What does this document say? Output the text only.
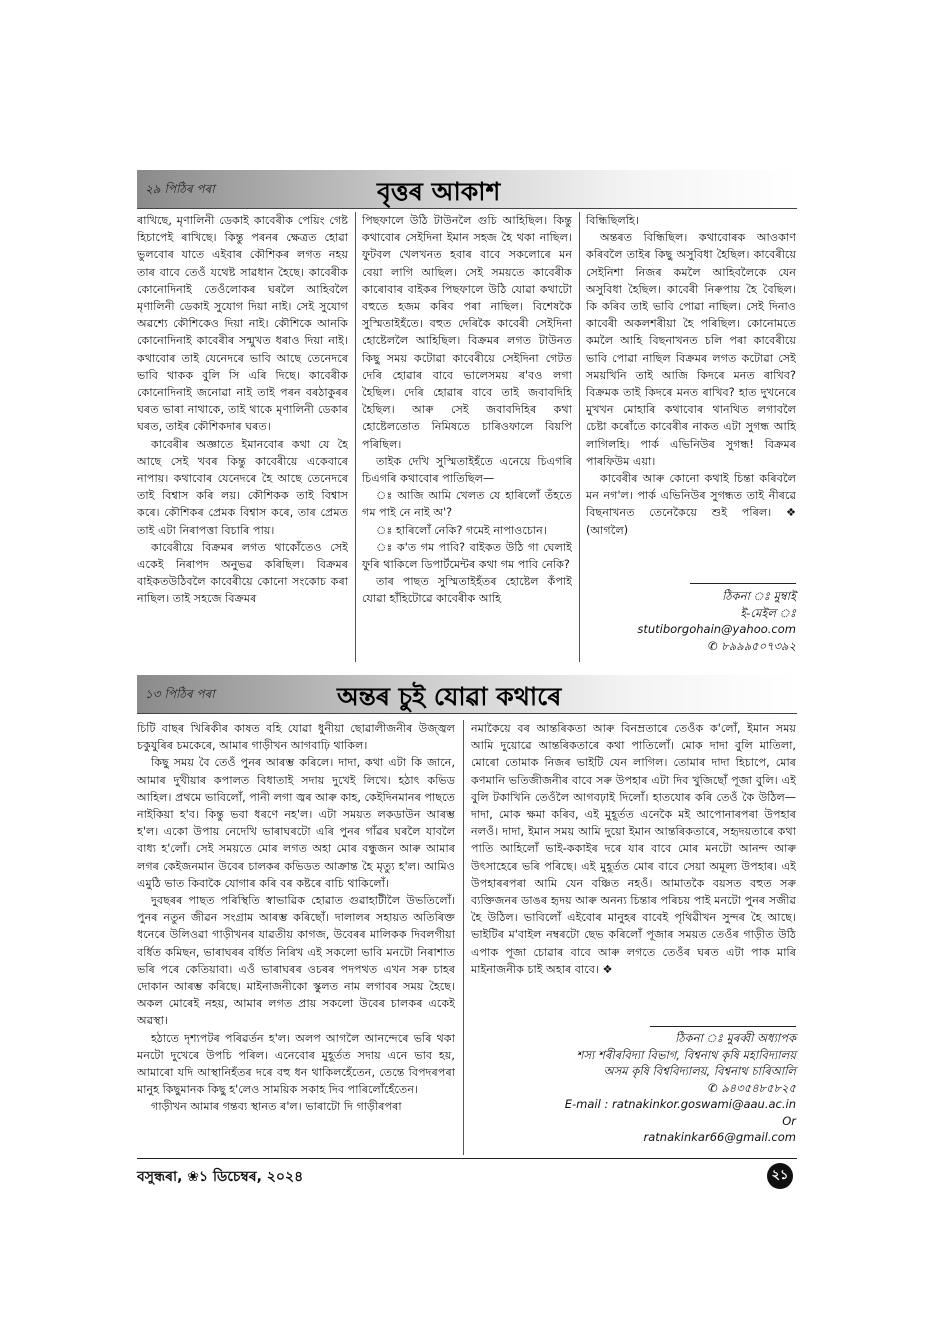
২৯ পিঠিৰ পৰা	বৃত্তৰ আকাশ

ৰাখিছে, মৃণালিনী ডেকাই কাবেৰীক পেয়িং গেষ্ট হিচাপেই ৰাখিছে। কিন্তু পৰনৰ ক্ষেত্ৰত হোৱা ভুলবোৰ যাতে এইবাৰ কৌশিকৰ লগত নহয় তাৰ বাবে তেওঁ যথেষ্ট সাৱধান হৈছে। কাবেৰীক কোনোদিনাই তেওঁলোকৰ ঘৰলৈ আহিবলৈ মৃণালিনী ডেকাই সুযোগ দিয়া নাই। সেই সুযোগ অৱশ্যে কৌশিকেও দিয়া নাই। কৌশিকে আনকি কোনোদিনাই কাবেৰীৰ সন্মুখত ধৰাও দিয়া নাই। কথাবোৰ তাই যেনেদৰে ভাবি আছে তেনেদৰে ভাবি থাকক বুলি সি এৰি দিছে। কাবেৰীক কোনোদিনাই জনোৱা নাই তাই পৰন বৰঠাকুৰৰ ঘৰত ভাৰা নাথাকে, তাই থাকে মৃণালিনী ডেকাৰ ঘৰত, তাইৰ কৌশিকদাৰ ঘৰত।

কাবেৰীৰ অজ্ঞাতে ইমানবোৰ কথা যে হৈ আছে সেই খবৰ কিন্তু কাবেৰীয়ে একেবাৰে নাপায়। কথাবোৰ যেনেদৰে হৈ আছে তেনেদৰে তাই বিশ্বাস কৰি লয়। কৌশিকক তাই বিশ্বাস কৰে। কৌশিকৰ প্ৰেমক বিশ্বাস কৰে, তাৰ প্ৰেমত তাই এটা নিৰাপত্তা বিচাৰি পায়।

কাবেৰীয়ে বিক্ৰমৰ লগত থাকোঁতেও সেই একেই নিৰাপদ অনুভৱ কৰিছিল। বিক্ৰমৰ বাইকতউঠিবলৈ কাবেৰীয়ে কোনো সংকোচ কৰা নাছিল। তাই সহজে বিক্ৰমৰ

পিছফালে উঠি টাউনলৈ গুচি আহিছিল। কিন্তু কথাবোৰ সেইদিনা ইমান সহজ হৈ থকা নাছিল। ফুটবল খেলখনত হবাৰ বাবে সকলোৰে মন বেয়া লাগি আছিল। সেই সময়তে কাবেৰীক কাৰোবাৰ বাইকৰ পিছফালে উঠি যোৱা কথাটো বহুতে হজম কৰিব পৰা নাছিল। বিশেষকৈ সুস্মিতাইহঁতে। বহুত দেৰিকৈ কাবেৰী সেইদিনা হোষ্টেললৈ আহিছিল। বিক্ৰমৰ লগত টাউনত কিছু সময় কটোৱা কাবেৰীয়ে সেইদিনা গেটত দেৰি হোৱাৰ বাবে ভালেসময় ৰ'বও লগা হৈছিল। দেৰি হোৱাৰ বাবে তাই জবাবদিহি হৈছিল। আৰু সেই জবাবদিহিৰ কথা হোষ্টেলতোত নিমিষতে চাৰিওফালে বিয়পি পৰিছিল।

তাইক দেখি সুস্মিতাইহঁতে এনেয়ে চিএগৰি চিএগৰি কথাবোৰ পাতিছিল—

ঃ আজি আমি খেলত যে হাৰিলোঁ তঁহতে গম পাই নে নাই অ'?

ঃ হাৰিলোঁ নেকি? গমেই নাপাওচোন।

ঃ ক'ত গম পাবি? বাইকত উঠি গা ঘেলাই ফুৰি থাকিলে ডিপাৰ্টমেন্টৰ কথা গম পাবি নেকি?

তাৰ পাছত সুস্মিতাইহঁতৰ হোষ্টেল কঁপাই যোৱা হাঁহিটোৱে কাবেৰীক আহি

বিন্ধিছিলহি।

অন্তৰত বিন্ধিছিল। কথাবোৰক আওকাণ কৰিবলৈ তাইৰ কিছু অসুবিধা হৈছিল। কাবেৰীয়ে সেইনিশা নিজৰ কমলৈ আহিবলৈকে যেন অসুবিধা হৈছিল। কাবেৰী নিৰুপায় হৈ বৈছিল। কি কৰিব তাই ভাবি পোৱা নাছিল। সেই দিনাও কাবেৰী অকলশৰীয়া হৈ পৰিছিল। কোনোমতে কমলৈ আহি বিছনাখনত চলি পৰা কাবেৰীয়ে ভাবি পোৱা নাছিল বিক্ৰমৰ লগত কটোৱা সেই সময়খিনি তাই আজি কিদৰে মনত ৰাখিব? বিক্ৰমক তাই কিদৰে মনত ৰাখিব? হাত দুখনেৰে মুখখন মোহাৰি কথাবোৰ থানথিত লগাবলৈ চেষ্টা কৰোঁতে কাবেৰীৰ নাকত এটা সুগন্ধ আহি লাগিলহি। পাৰ্ক এভিনিউৰ সুগন্ধ! বিক্ৰমৰ পাৰফিউম এয়া।

কাবেৰীৰ আৰু কোনো কথাই চিন্তা কৰিবলৈ মন নগ'ল। পাৰ্ক এভিনিউৰ সুগন্ধত তাই নীৰৱে বিছনাখনত তেনেকৈয়ে শুই পৰিল। ❖ (আগলৈ)

ঠিকনা ঃ মুম্বাই
ই-মেইল ঃ
stutiborgohain@yahoo.com
✆ ৮৯৯৯৫০৭৩৯২
১৩ পিঠিৰ পৰা	অন্তৰ চুই যোৱা কথাৰে

চিটি বাছৰ খিৰিকীৰ কাষত বহি যোৱা ধুনীয়া ছোৱালীজনীৰ উজ্জ্বল চকুযুৰিৰ চমকেৰে, আমাৰ গাড়ীখন আগবাঢ়ি থাকিল।

কিছু সময় বৈ তেওঁ পুনৰ আৰম্ভ কৰিলে। দাদা, কথা এটা কি জানে, আমাৰ দুখীয়াৰ কপালত বিধাতাই সদায় দুখেই লিখে। হঠাৎ কভিড আহিল। প্ৰথমে ভাবিলোঁ, পানী লগা জ্বৰ আৰু কাহ, কেইদিনমানৰ পাছতে নাইকিয়া হ'ব। কিন্তু ভবা ধৰণে নহ'ল। এটা সময়ত লকডাউন আৰম্ভ হ'ল। একো উপায় নেদেখি ভাৰাঘৰটো এৰি পুনৰ গাঁৱৰ ঘৰলৈ যাবলৈ বাধ্য হ'লোঁ। সেই সময়তে মোৰ লগত অহা মোৰ বন্ধুজন আৰু আমাৰ লগৰ কেইজনমান উবেৰ চালকৰ কভিডত আক্ৰান্ত হৈ মৃত্যু হ'ল। আমিও এমুঠি ভাত কিবাকৈ যোগাৰ কৰি বৰ কষ্টৰে বাচি থাকিলোঁ।

দুবছৰৰ পাছত পৰিস্থিতি স্বাভাৱিক হোৱাত গুৱাহাটীলৈ উভতিলোঁ। পুনৰ নতুন জীৱন সংগ্ৰাম আৰম্ভ কৰিছোঁ। দালালৰ সহায়ত অতিৰিক্ত ধনেৰে উলিওৱা গাড়ীখনৰ যাৱতীয় কাগজ, উবেৰৰ মালিকক দিবলগীয়া বৰ্ধিত কমিছন, ভাৰাঘৰৰ বৰ্ধিত নিৰিখ এই সকলো ভাবি মনটো নিৰাশাত ভৰি পৰে কেতিয়াবা। এওঁ ভাৰাঘৰৰ ওচৰৰ পদপথত এখন সৰু চাহৰ দোকান আৰম্ভ কৰিছে। মাইনাজনীকো স্কুলত নাম লগাবৰ সময় হৈছে। অকল মোৰেই নহয়, আমাৰ লগত প্ৰায় সকলো উবেৰ চালকৰ একেই অৱস্থা।

হঠাতে দৃশ্যপটৰ পৰিৱৰ্তন হ'ল। অলপ আগলৈ আনন্দেৰে ভৰি থকা মনটো দুখেৰে উপচি পৰিল। এনেবোৰ মুহূৰ্তত সদায় এনে ভাব হয়, আমাৰো যদি আস্থানিহঁতৰ দৰে বহু ধন থাকিলহেঁতেন, তেন্তে বিপদৰপৰা মানুহ কিছুমানক কিছু হ'লেও সাময়িক সকাহ দিব পাৰিলোঁহেঁতেন।

গাড়ীখন আমাৰ গন্তব্য স্থানত ৰ'ল। ভাৰাটো দি গাড়ীৰপৰা

নমাকৈয়ে বৰ আন্তৰিকতা আৰু বিনম্ৰতাৰে তেওঁক ক'লোঁ, ইমান সময় আমি দুয়োৱে আন্তৰিকতাৰে কথা পাতিলোঁ। মোক দাদা বুলি মাতিলা, মোৰো তোমাক নিজৰ ভাইটি যেন লাগিল। তোমাৰ দাদা হিচাপে, মোৰ কণমানি ভতিজীজনীৰ বাবে সৰু উপহাৰ এটা দিব খুজিছোঁ পূজা বুলি। এই বুলি টকাখিনি তেওঁলৈ আগবঢ়াই দিলোঁ। হাতযোৰ কৰি তেওঁ কৈ উঠিল— দাদা, মোক ক্ষমা কৰিব, এই মুহূৰ্তত এনেকৈ মই আপোনাৰপৰা উপহাৰ নলওঁ। দাদা, ইমান সময় আমি দুয়ো ইমান আন্তৰিকতাৰে, সহৃদয়তাৰে কথা পাতি আহিলোঁ ভাই-ককাইৰ দৰে যাৰ বাবে মোৰ মনটো আনন্দ আৰু উৎসাহেৰে ভৰি পৰিছে। এই মুহূৰ্তত মোৰ বাবে সেয়া অমূল্য উপহাৰ। এই উপহাৰৰপৰা আমি যেন বঞ্চিত নহওঁ। আমাতকৈ বয়সত বহুত সৰু ব্যক্তিজনৰ ডাঙৰ হৃদয় আৰু অনন্য চিন্তাৰ পৰিচয় পাই মনটো পুনৰ সজীৱ হৈ উঠিল। ভাবিলোঁ এইবোৰ মানুহৰ বাবেই পৃথিৱীখন সুন্দৰ হৈ আছে। ভাইটিৰ ম'বাইল নম্বৰটো ছেভ কৰিলোঁ পূজাৰ সময়ত তেওঁৰ গাড়ীত উঠি এপাক পূজা চোৱাৰ বাবে আৰু লগতে তেওঁৰ ঘৰত এটা পাক মাৰি মাইনাজনীক চাই অহাৰ বাবে। ❖

ঠিকনা ঃ মুৰব্বী অধ্যাপক
শস্য শৰীৰবিদ্যা বিভাগ, বিশ্বনাথ কৃষি মহাবিদ্যালয়
অসম কৃষি বিশ্ববিদ্যালয়, বিশ্বনাথ চাৰিআলি
✆ ৯৪৩৫৪৮৫৮২৫
E-mail : ratnakinkor.goswami@aau.ac.in
Or
ratnakinkar66@gmail.com
বসুন্ধৰা, ❀১ ডিচেম্বৰ, ২০২৪	২১
